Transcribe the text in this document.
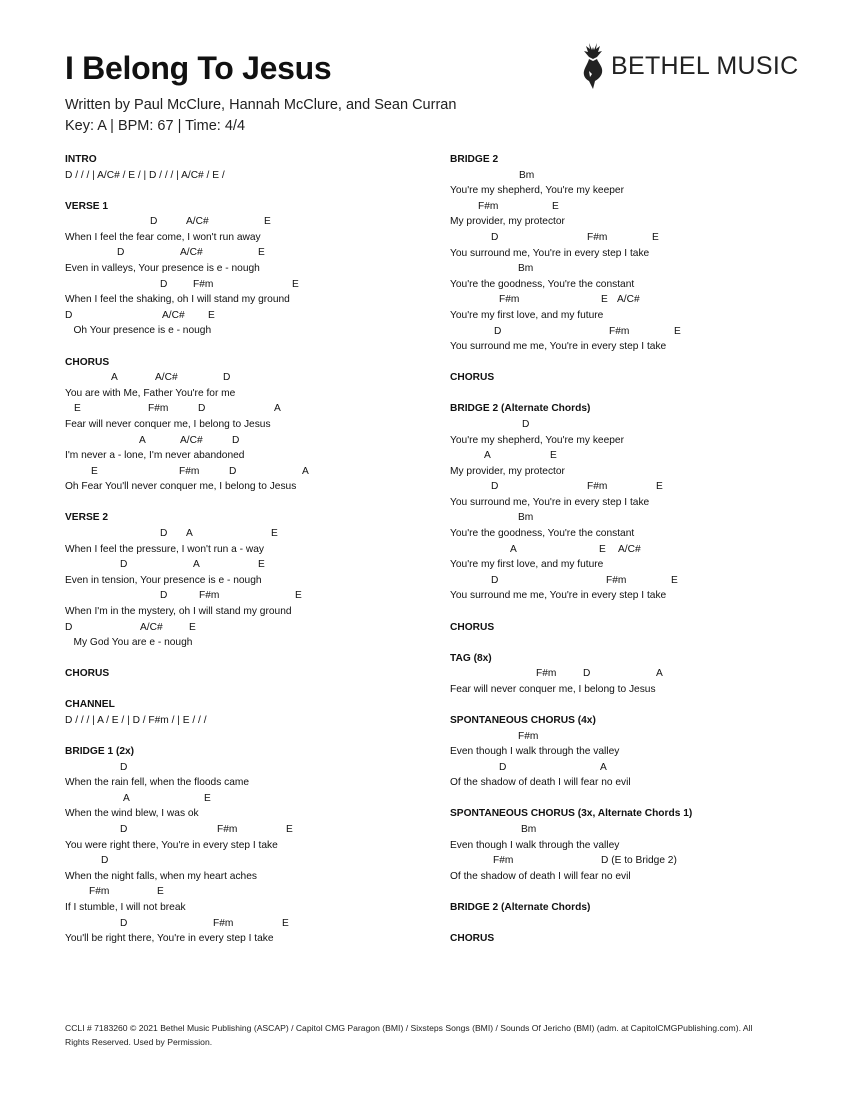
I Belong To Jesus

Written by Paul McClure, Hannah McClure, and Sean Curran

Key: A | BPM: 67 | Time: 4/4

BETHEL MUSIC
INTRO
D / / / | A/C# / E / | D / / / | A/C# / E /
VERSE 1
D	A/C#	E
When I feel the fear come, I won't run away
D	A/C#	E
Even in valleys, Your presence is e - nough
D	F#m	E
When I feel the shaking, oh I will stand my ground
D	A/C# E
Oh Your presence is e - nough
CHORUS
A	A/C#	D
You are with Me, Father You're for me
E	F#m	D	A
Fear will never conquer me, I belong to Jesus
A	A/C#	D
I'm never a - lone, I'm never abandoned
E	F#m	D	A
Oh Fear You'll never conquer me, I belong to Jesus
VERSE 2
D A	E
When I feel the pressure, I won't run a - way
D	A	E
Even in tension, Your presence is e - nough
D	F#m	E
When I'm in the mystery, oh I will stand my ground
D	A/C#	E
My God You are e - nough
CHORUS
CHANNEL
D / / / | A / E / | D / F#m / | E / / /
BRIDGE 1 (2x)
D
When the rain fell, when the floods came
A	E
When the wind blew, I was ok
D	F#m	E
You were right there, You're in every step I take
D
When the night falls, when my heart aches
F#m	E
If I stumble, I will not break
D	F#m	E
You'll be right there, You're in every step I take
BRIDGE 2
Bm
You're my shepherd, You're my keeper
F#m	E
My provider, my protector
D	F#m	E
You surround me, You're in every step I take
Bm
You're the goodness, You're the constant
F#m	E A/C#
You're my first love, and my future
D	F#m	E
You surround me me, You're in every step I take
CHORUS
BRIDGE 2 (Alternate Chords)
D
You're my shepherd, You're my keeper
A	E
My provider, my protector
D	F#m	E
You surround me, You're in every step I take
Bm
You're the goodness, You're the constant
A	E A/C#
You're my first love, and my future
D	F#m	E
You surround me me, You're in every step I take
CHORUS
TAG (8x)
F#m	D	A
Fear will never conquer me, I belong to Jesus
SPONTANEOUS CHORUS (4x)
F#m
Even though I walk through the valley
D	A
Of the shadow of death I will fear no evil
SPONTANEOUS CHORUS (3x, Alternate Chords 1)
Bm
Even though I walk through the valley
F#m	D (E to Bridge 2)
Of the shadow of death I will fear no evil
BRIDGE 2 (Alternate Chords)
CHORUS

CCLI # 7183260 © 2021 Bethel Music Publishing (ASCAP) / Capitol CMG Paragon (BMI) / Sixsteps Songs (BMI) / Sounds Of Jericho (BMI) (adm. at CapitolCMGPublishing.com). All Rights Reserved. Used by Permission.
